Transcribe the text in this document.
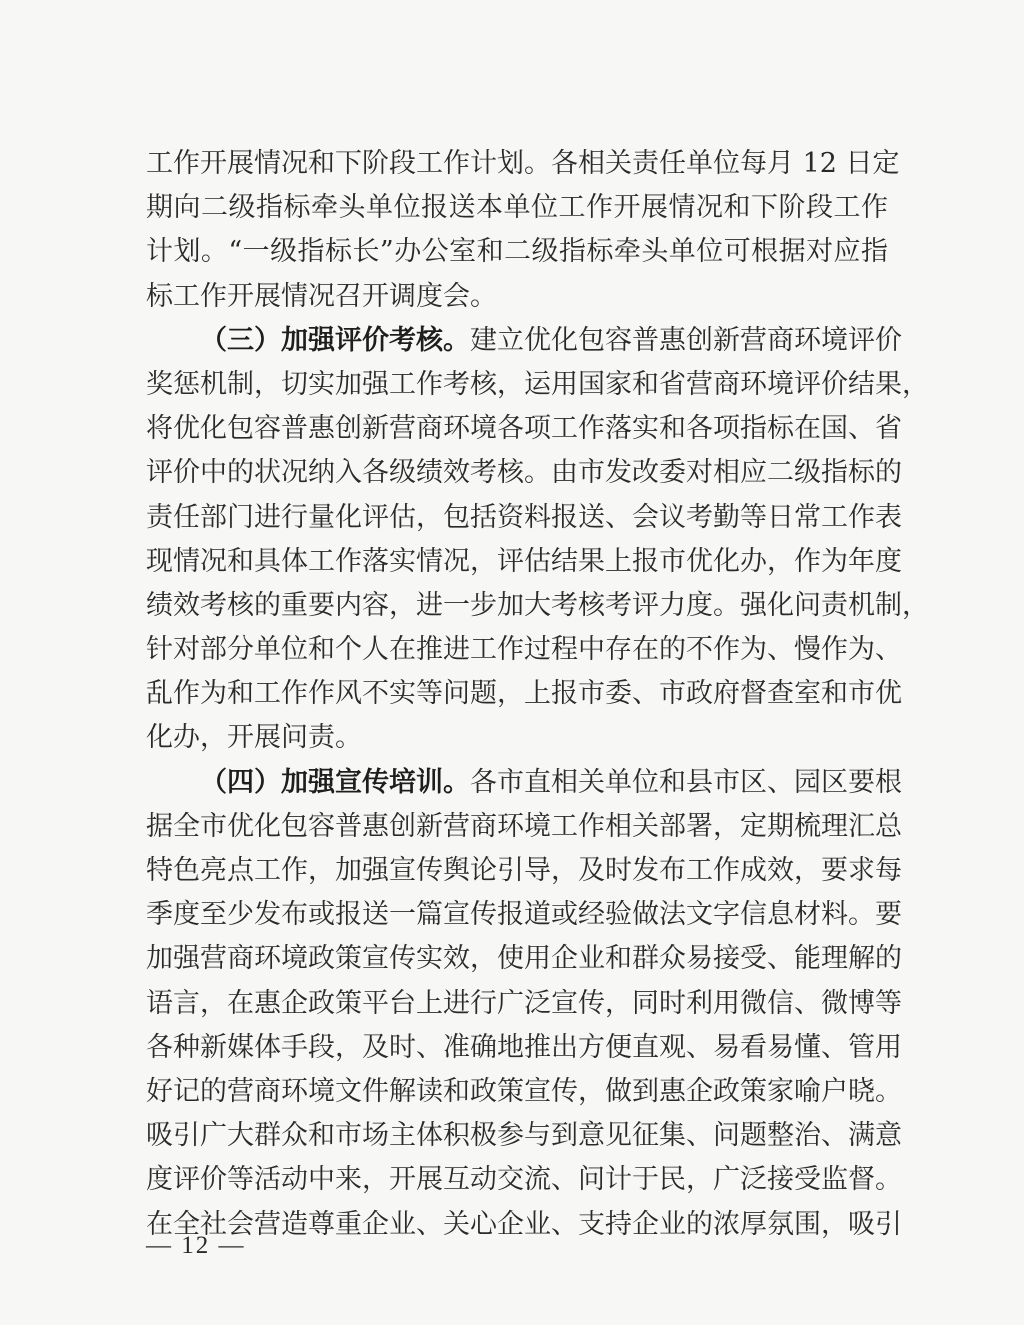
工作开展情况和下阶段工作计划。各相关责任单位每月 12 日定
期向二级指标牵头单位报送本单位工作开展情况和下阶段工作
计划。“一级指标长”办公室和二级指标牵头单位可根据对应指
标工作开展情况召开调度会。
（三）加强评价考核。建立优化包容普惠创新营商环境评价
奖惩机制，切实加强工作考核，运用国家和省营商环境评价结果，
将优化包容普惠创新营商环境各项工作落实和各项指标在国、省
评价中的状况纳入各级绩效考核。由市发改委对相应二级指标的
责任部门进行量化评估，包括资料报送、会议考勤等日常工作表
现情况和具体工作落实情况，评估结果上报市优化办，作为年度
绩效考核的重要内容，进一步加大考核考评力度。强化问责机制，
针对部分单位和个人在推进工作过程中存在的不作为、慢作为、
乱作为和工作作风不实等问题，上报市委、市政府督查室和市优
化办，开展问责。
（四）加强宣传培训。各市直相关单位和县市区、园区要根
据全市优化包容普惠创新营商环境工作相关部署，定期梳理汇总
特色亮点工作，加强宣传舆论引导，及时发布工作成效，要求每
季度至少发布或报送一篇宣传报道或经验做法文字信息材料。要
加强营商环境政策宣传实效，使用企业和群众易接受、能理解的
语言，在惠企政策平台上进行广泛宣传，同时利用微信、微博等
各种新媒体手段，及时、准确地推出方便直观、易看易懂、管用
好记的营商环境文件解读和政策宣传，做到惠企政策家喻户晓。
吸引广大群众和市场主体积极参与到意见征集、问题整治、满意
度评价等活动中来，开展互动交流、问计于民，广泛接受监督。
在全社会营造尊重企业、关心企业、支持企业的浓厚氛围，吸引
— 12 —
